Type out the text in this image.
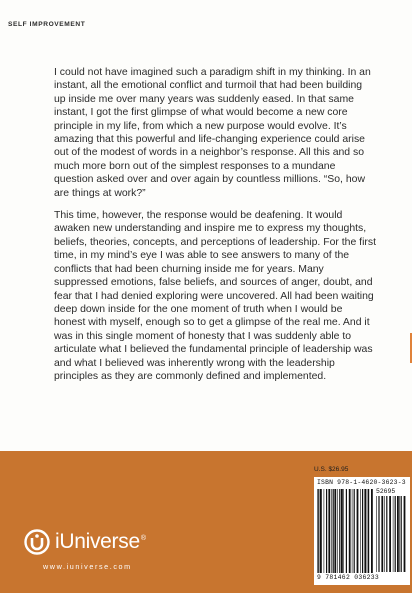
SELF IMPROVEMENT

I could not have imagined such a paradigm shift in my thinking. In an instant, all the emotional conflict and turmoil that had been building up inside me over many years was suddenly eased. In that same instant, I got the first glimpse of what would become a new core principle in my life, from which a new purpose would evolve. It’s amazing that this powerful and life-changing experience could arise out of the modest of words in a neighbor’s response. All this and so much more born out of the simplest responses to a mundane question asked over and over again by countless millions. “So, how are things at work?”

This time, however, the response would be deafening. It would awaken new understanding and inspire me to express my thoughts, beliefs, theories, concepts, and perceptions of leadership. For the first time, in my mind’s eye I was able to see answers to many of the conflicts that had been churning inside me for years. Many suppressed emotions, false beliefs, and sources of anger, doubt, and fear that I had denied exploring were uncovered. All had been waiting deep down inside for the one moment of truth when I would be honest with myself, enough so to get a glimpse of the real me. And it was in this single moment of honesty that I was suddenly able to articulate what I believed the fundamental principle of leadership was and what I believed was inherently wrong with the leadership principles as they are commonly defined and implemented.

iUniverse®
www.iuniverse.com
U.S. $26.95
ISBN 978-1-4620-3623-3
52695
9 781462 036233
